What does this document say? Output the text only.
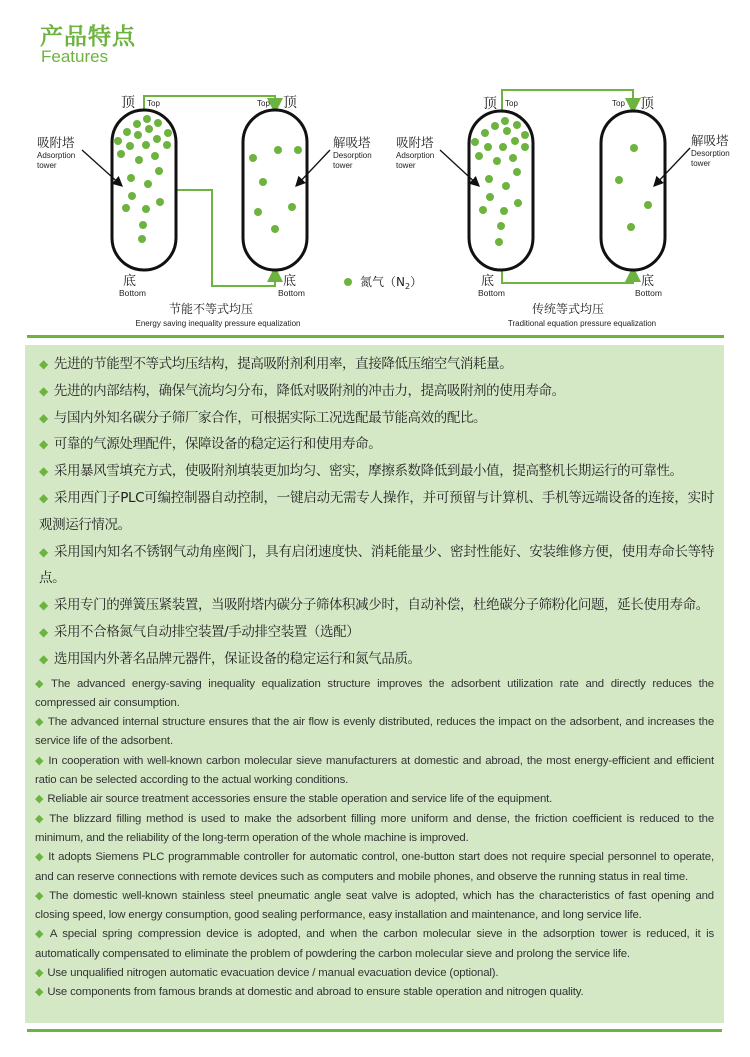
产品特点
Features
顶 Top	Top 顶
吸附塔
Adsorption
tower
解吸塔
Desorption
tower
底
Bottom
底
Bottom
节能不等式均压
Energy saving inequality pressure equalization
顶 Top	Top 顶
吸附塔
Adsorption
tower
解吸塔
Desorption
tower
底
Bottom
底
Bottom
传统等式均压
Traditional equation pressure equalization
氮气$(N_2)$

◆ 先进的节能型不等式均压结构，提高吸附剂利用率，直接降低压缩空气消耗量。

◆ 先进的内部结构，确保气流均匀分布，降低对吸附剂的冲击力，提高吸附剂的使用寿命。

◆ 与国内外知名碳分子筛厂家合作，可根据实际工况选配最节能高效的配比。

◆ 可靠的气源处理配件，保障设备的稳定运行和使用寿命。

◆ 采用暴风雪填充方式，使吸附剂填装更加均匀、密实，摩擦系数降低到最小值，提高整机长期运行的可靠性。

◆ 采用西门子PLC可编控制器自动控制，一键启动无需专人操作，并可预留与计算机、手机等远端设备的连接，实时观测运行情况。

◆ 采用国内知名不锈钢气动角座阀门，具有启闭速度快、消耗能量少、密封性能好、安装维修方便，使用寿命长等特点。

◆ 采用专门的弹簧压紧装置，当吸附塔内碳分子筛体积减少时，自动补偿，杜绝碳分子筛粉化问题，延长使用寿命。

◆ 采用不合格氮气自动排空装置/手动排空装置（选配）

◆ 选用国内外著名品牌元器件，保证设备的稳定运行和氮气品质。

◆ The advanced energy-saving inequality equalization structure improves the adsorbent utilization rate and directly reduces the compressed air consumption.

◆ The advanced internal structure ensures that the air flow is evenly distributed, reduces the impact on the adsorbent, and increases the service life of the adsorbent.

◆ In cooperation with well-known carbon molecular sieve manufacturers at domestic and abroad, the most energy-efficient and efficient ratio can be selected according to the actual working conditions.

◆ Reliable air source treatment accessories ensure the stable operation and service life of the equipment.

◆ The blizzard filling method is used to make the adsorbent filling more uniform and dense, the friction coefficient is reduced to the minimum, and the reliability of the long-term operation of the whole machine is improved.

◆ It adopts Siemens PLC programmable controller for automatic control, one-button start does not require special personnel to operate, and can reserve connections with remote devices such as computers and mobile phones, and observe the running status in real time.

◆ The domestic well-known stainless steel pneumatic angle seat valve is adopted, which has the characteristics of fast opening and closing speed, low energy consumption, good sealing performance, easy installation and maintenance, and long service life.

◆ A special spring compression device is adopted, and when the carbon molecular sieve in the adsorption tower is reduced, it is automatically compensated to eliminate the problem of powdering the carbon molecular sieve and prolong the service life.

◆ Use unqualified nitrogen automatic evacuation device / manual evacuation device (optional).

◆ Use components from famous brands at domestic and abroad to ensure stable operation and nitrogen quality.
